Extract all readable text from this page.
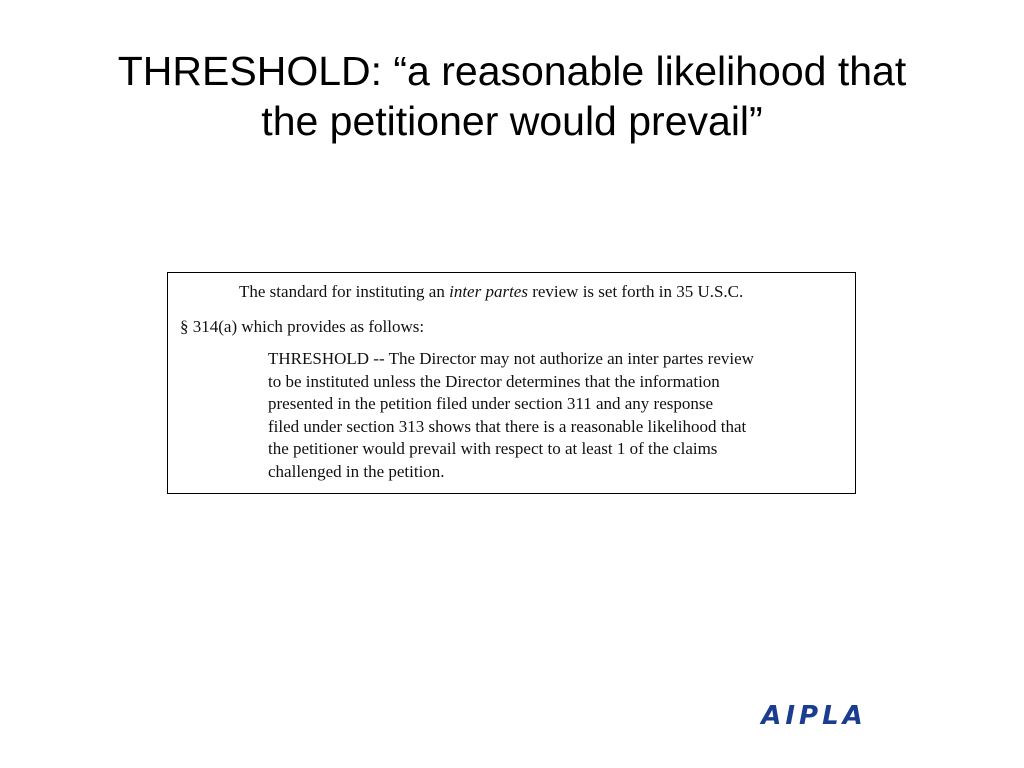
THRESHOLD: “a reasonable likelihood that
the petitioner would prevail”

The standard for instituting an inter partes review is set forth in 35 U.S.C.

§ 314(a) which provides as follows:

THRESHOLD -- The Director may not authorize an inter partes review
to be instituted unless the Director determines that the information
presented in the petition filed under section 311 and any response
filed under section 313 shows that there is a reasonable likelihood that
the petitioner would prevail with respect to at least 1 of the claims
challenged in the petition.

AIPLA
